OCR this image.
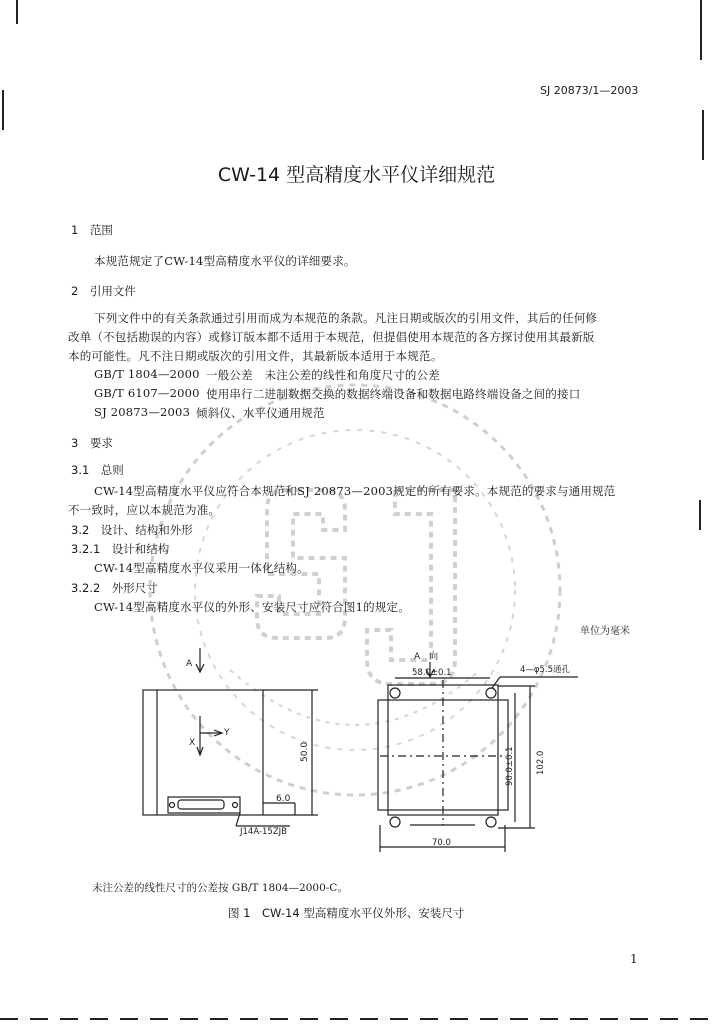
SJ 20873/1—2003
CW-14 型高精度水平仪详细规范
1　范围
本规范规定了CW-14型高精度水平仪的详细要求。
2　引用文件
下列文件中的有关条款通过引用而成为本规范的条款。凡注日期或版次的引用文件，其后的任何修
改单（不包括勘误的内容）或修订版本都不适用于本规范，但提倡使用本规范的各方探讨使用其最新版
本的可能性。凡不注日期或版次的引用文件，其最新版本适用于本规范。
GB/T 1804—2000 一般公差　未注公差的线性和角度尺寸的公差
GB/T 6107—2000 使用串行二进制数据交换的数据终端设备和数据电路终端设备之间的接口
SJ 20873—2003 倾斜仪、水平仪通用规范
3　要求
3.1　总则
CW-14型高精度水平仪应符合本规范和SJ 20873—2003规定的所有要求。本规范的要求与通用规范
不一致时，应以本规范为准。
3.2　设计、结构和外形
3.2.1　设计和结构
CW-14型高精度水平仪采用一体化结构。
3.2.2　外形尺寸
CW-14型高精度水平仪的外形、安装尺寸应符合图1的规定。
单位为毫米
A
X
Y
50.0
6.0
J14A-15ZJB
A　向
58.0±0.1	4—φ5.5通孔
90.0±0.1 102.0
70.0
未注公差的线性尺寸的公差按 GB/T 1804—2000-C。
图 1　CW-14 型高精度水平仪外形、安装尺寸
1
